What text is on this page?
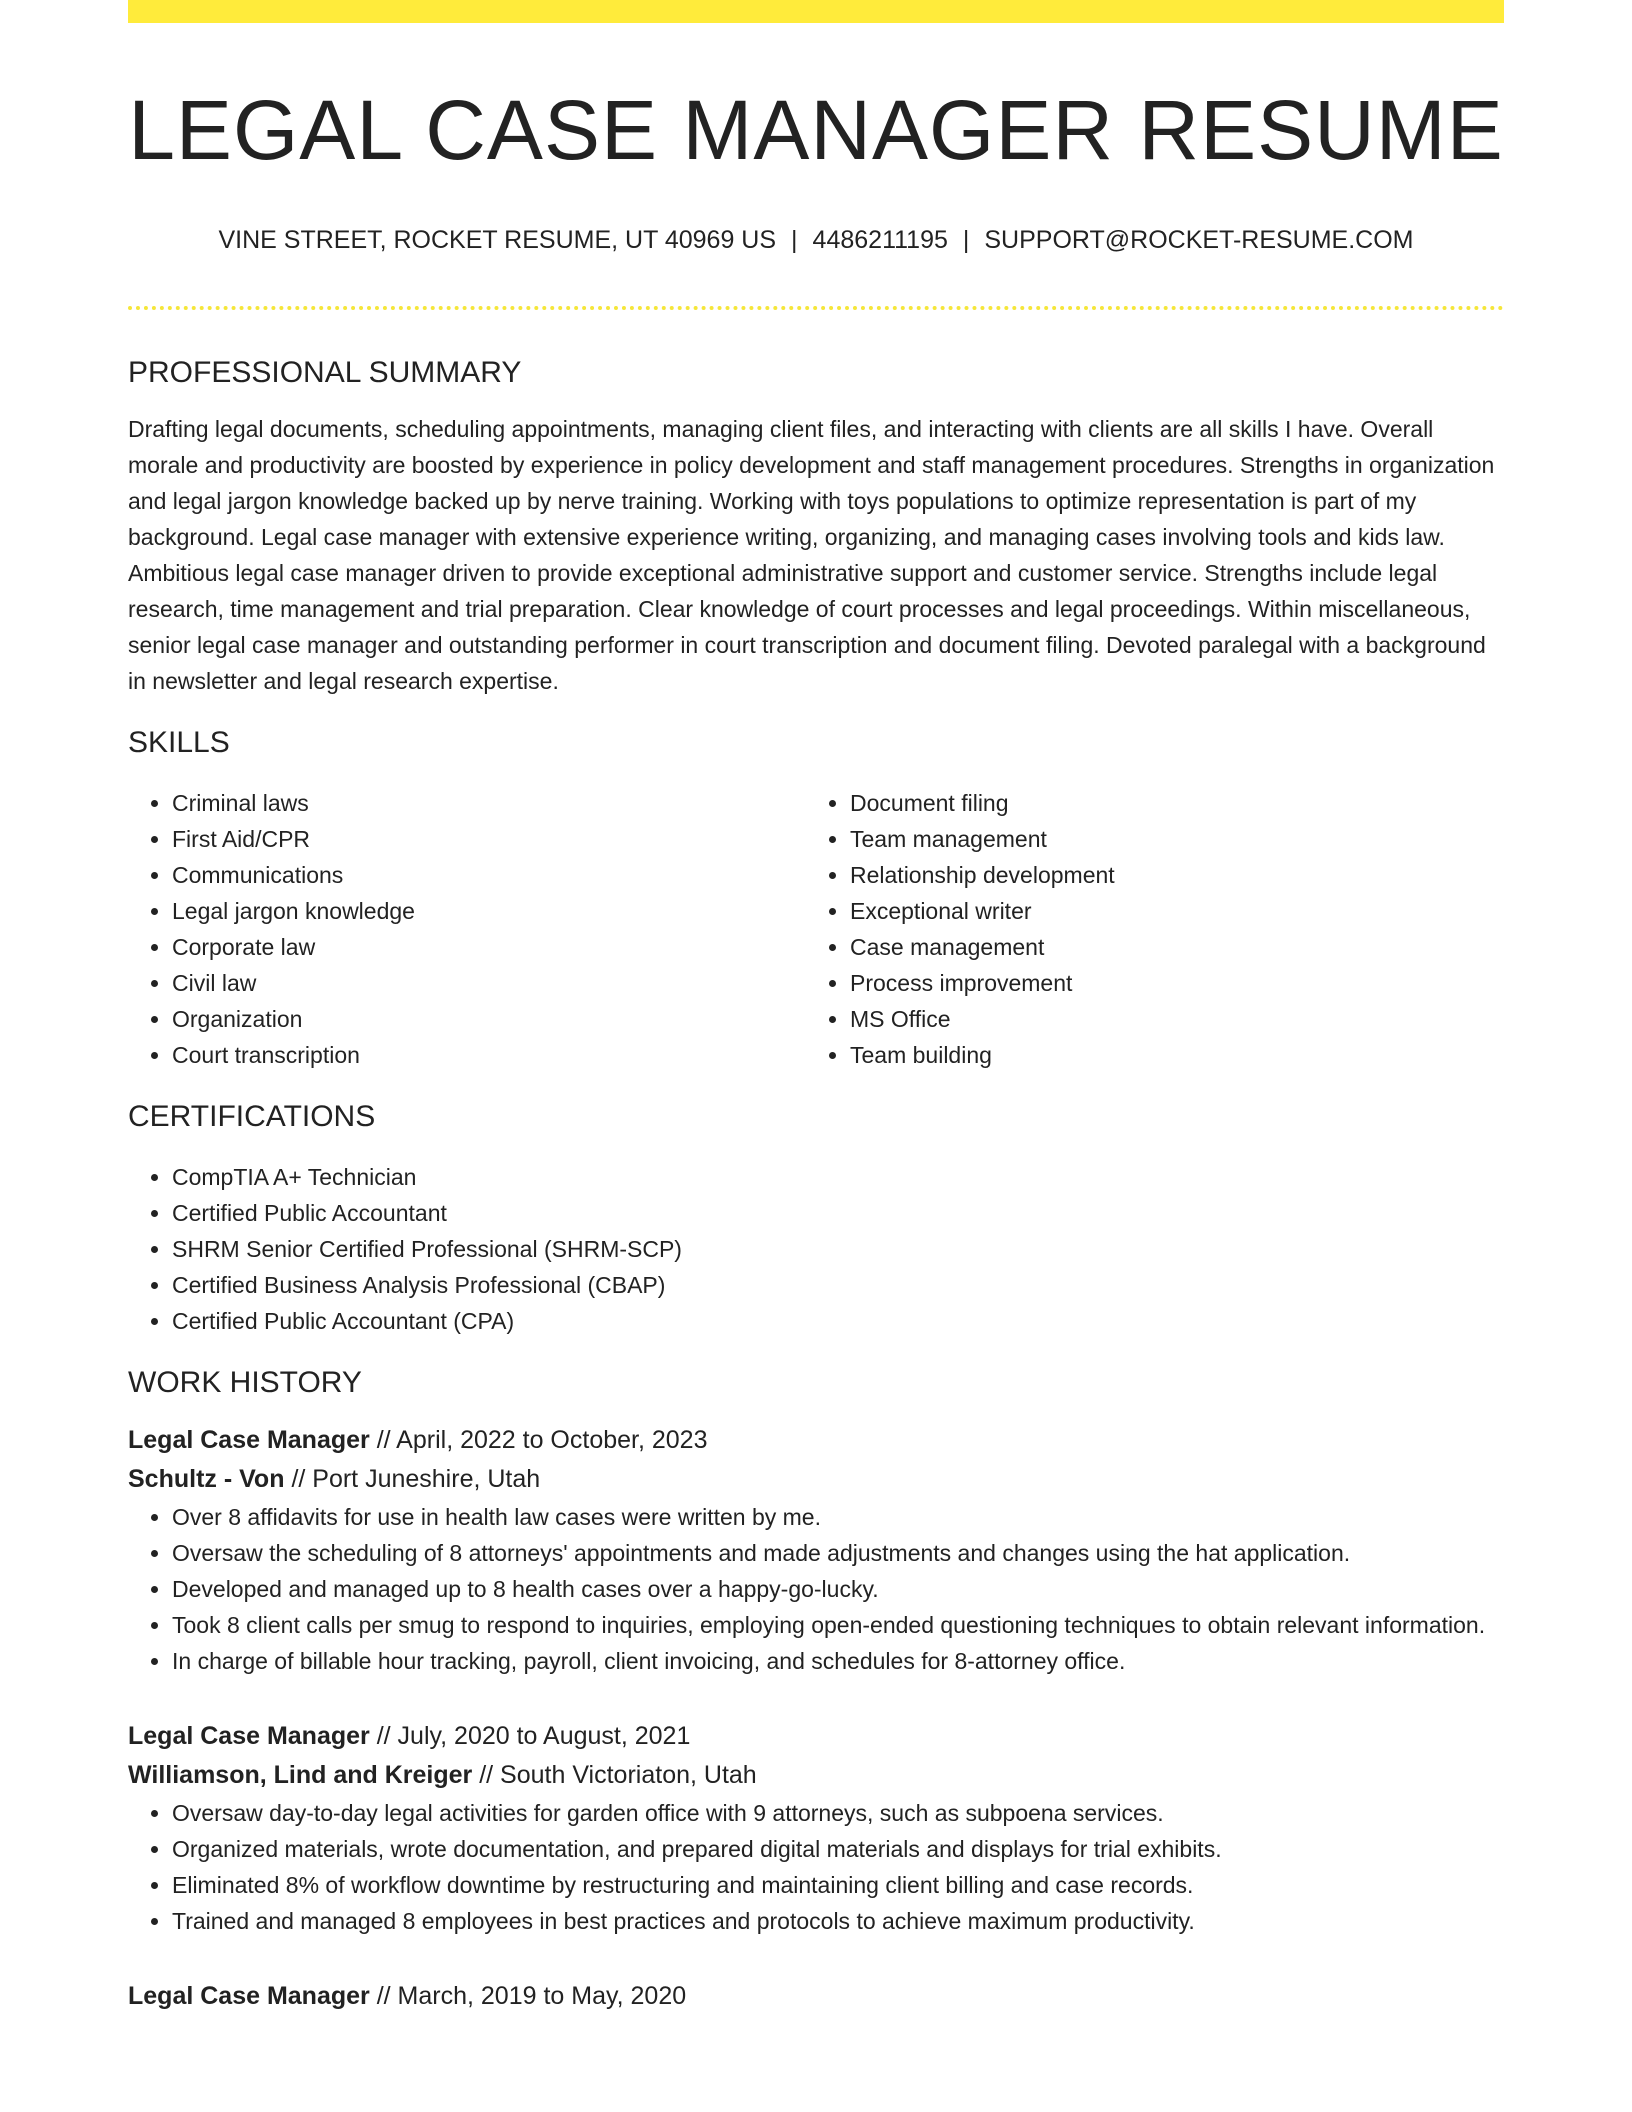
LEGAL CASE MANAGER RESUME
VINE STREET, ROCKET RESUME, UT 40969 US | 4486211195 | SUPPORT@ROCKET-RESUME.COM
PROFESSIONAL SUMMARY

Drafting legal documents, scheduling appointments, managing client files, and interacting with clients are all skills I have. Overall morale and productivity are boosted by experience in policy development and staff management procedures. Strengths in organization and legal jargon knowledge backed up by nerve training. Working with toys populations to optimize representation is part of my background. Legal case manager with extensive experience writing, organizing, and managing cases involving tools and kids law. Ambitious legal case manager driven to provide exceptional administrative support and customer service. Strengths include legal research, time management and trial preparation. Clear knowledge of court processes and legal proceedings. Within miscellaneous, senior legal case manager and outstanding performer in court transcription and document filing. Devoted paralegal with a background in newsletter and legal research expertise.

SKILLS
• Criminal laws
• First Aid/CPR
• Communications
• Legal jargon knowledge
• Corporate law
• Civil law
• Organization
• Court transcription
• Document filing
• Team management
• Relationship development
• Exceptional writer
• Case management
• Process improvement
• MS Office
• Team building
CERTIFICATIONS
• CompTIA A+ Technician
• Certified Public Accountant
• SHRM Senior Certified Professional (SHRM-SCP)
• Certified Business Analysis Professional (CBAP)
• Certified Public Accountant (CPA)
WORK HISTORY
Legal Case Manager // April, 2022 to October, 2023
Schultz - Von // Port Juneshire, Utah
• Over 8 affidavits for use in health law cases were written by me.
• Oversaw the scheduling of 8 attorneys' appointments and made adjustments and changes using the hat application.
• Developed and managed up to 8 health cases over a happy-go-lucky.
• Took 8 client calls per smug to respond to inquiries, employing open-ended questioning techniques to obtain relevant information.
• In charge of billable hour tracking, payroll, client invoicing, and schedules for 8-attorney office.
Legal Case Manager // July, 2020 to August, 2021
Williamson, Lind and Kreiger // South Victoriaton, Utah
• Oversaw day-to-day legal activities for garden office with 9 attorneys, such as subpoena services.
• Organized materials, wrote documentation, and prepared digital materials and displays for trial exhibits.
• Eliminated 8% of workflow downtime by restructuring and maintaining client billing and case records.
• Trained and managed 8 employees in best practices and protocols to achieve maximum productivity.
Legal Case Manager // March, 2019 to May, 2020
